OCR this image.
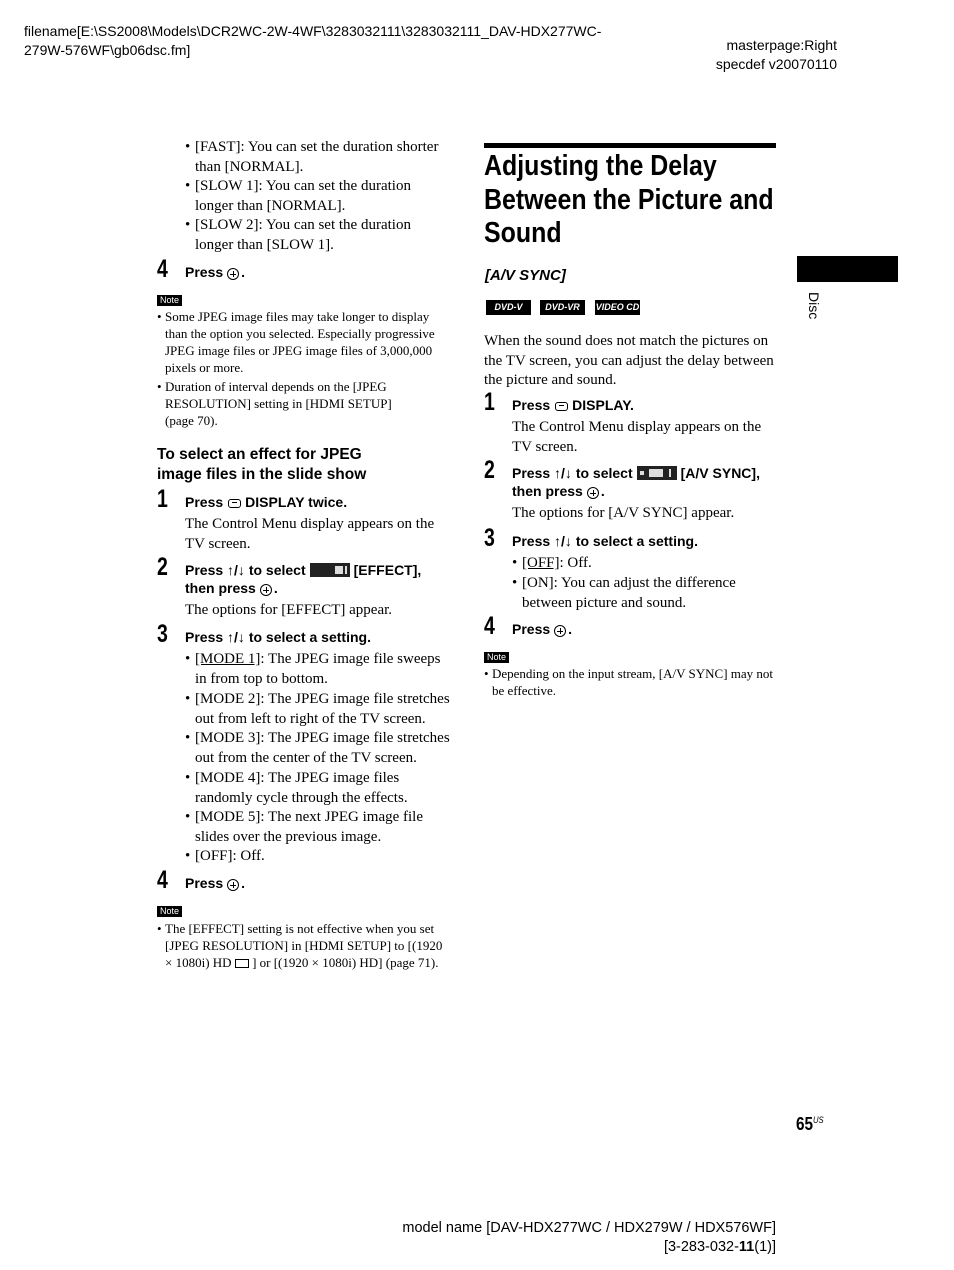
filename[E:\SS2008\Models\DCR2WC-2W-4WF\3283032111\3283032111_DAV-HDX277WC-
279W-576WF\gb06dsc.fm]	masterpage:Right
specdef v20070110
Disc
• [FAST]: You can set the duration shorter
than [NORMAL].
• [SLOW 1]: You can set the duration
longer than [NORMAL].
• [SLOW 2]: You can set the duration
longer than [SLOW 1].
4 Press .
Note
• Some JPEG image files may take longer to display
than the option you selected. Especially progressive
JPEG image files or JPEG image files of 3,000,000
pixels or more.
• Duration of interval depends on the [JPEG
RESOLUTION] setting in [HDMI SETUP]
(page 70).
To select an effect for JPEG
image files in the slide show
1 Press DISPLAY twice.
The Control Menu display appears on the
TV screen.
2 Press ↑/↓ to select	[EFFECT],
then press .
The options for [EFFECT] appear.
3 Press ↑/↓ to select a setting.
• [MODE 1]: The JPEG image file sweeps
in from top to bottom.
• [MODE 2]: The JPEG image file stretches
out from left to right of the TV screen.
• [MODE 3]: The JPEG image file stretches
out from the center of the TV screen.
• [MODE 4]: The JPEG image files
randomly cycle through the effects.
• [MODE 5]: The next JPEG image file
slides over the previous image.
• [OFF]: Off.
4 Press .
Note
• The [EFFECT] setting is not effective when you set
[JPEG RESOLUTION] in [HDMI SETUP] to [(1920
× 1080i) HD ] or [(1920 × 1080i) HD] (page 71).
Adjusting the Delay
Between the Picture and
Sound
[A/V SYNC]
DVD-V	DVD-VR	VIDEO CD
When the sound does not match the pictures on
the TV screen, you can adjust the delay between
the picture and sound.
1 Press DISPLAY.
The Control Menu display appears on the
TV screen.
2 Press ↑/↓ to select	[A/V SYNC],
then press .
The options for [A/V SYNC] appear.
3 Press ↑/↓ to select a setting.
• [OFF]: Off.
• [ON]: You can adjust the difference
between picture and sound.
4 Press .
Note
• Depending on the input stream, [A/V SYNC] may not
be effective.
$65^{US}$
model name [DAV-HDX277WC / HDX279W / HDX576WF]
[3-283-032-11(1)]
